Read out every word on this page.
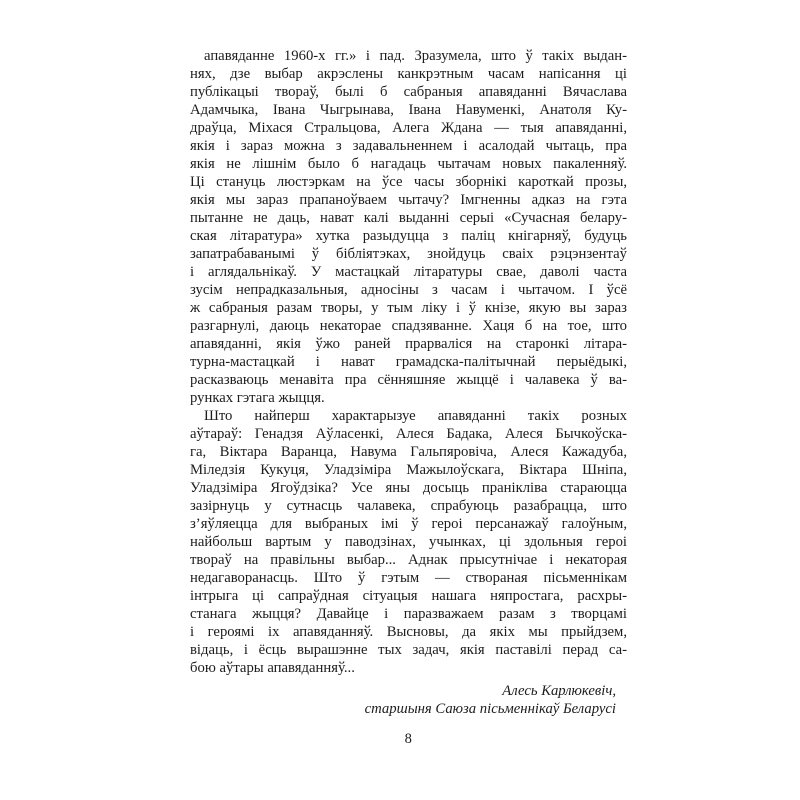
апавяданне 1960-х гг.» і пад. Зразумела, што ў такіх выдан-
нях, дзе выбар акрэслены канкрэтным часам напісання ці
публікацыі твораў, былі б сабраныя апавяданні Вячаслава
Адамчыка, Івана Чыгрынава, Івана Навуменкі, Анатоля Ку-
драўца, Міхася Стральцова, Алега Ждана — тыя апавяданні,
якія і зараз можна з задавальненнем і асалодай чытаць, пра
якія не лішнім было б нагадаць чытачам новых пакаленняў.
Ці стануць люстэркам на ўсе часы зборнікі кароткай прозы,
якія мы зараз прапаноўваем чытачу? Імгненны адказ на гэта
пытанне не даць, нават калі выданні серыі «Сучасная белару-
ская літаратура» хутка разыдуцца з паліц кнігарняў, будуць
запатрабаванымі ў бібліятэках, знойдуць сваіх рэцэнзентаў
і аглядальнікаў. У мастацкай літаратуры свае, даволі часта
зусім непрадказальныя, адносіны з часам і чытачом. І ўсё
ж сабраныя разам творы, у тым ліку і ў кнізе, якую вы зараз
разгарнулі, даюць некаторае спадзяванне. Хаця б на тое, што
апавяданні, якія ўжо раней прарваліся на старонкі літара-
турна-мастацкай і нават грамадска-палітычнай перыёдыкі,
расказваюць менавіта пра сённяшняе жыццё і чалавека ў ва-
рунках гэтага жыцця.
Што найперш характарызуе апавяданні такіх розных
аўтараў: Генадзя Аўласенкі, Алеся Бадака, Алеся Бычкоўска-
га, Віктара Варанца, Навума Гальпяровіча, Алеся Кажадуба,
Міледзія Кукуця, Уладзіміра Мажылоўскага, Віктара Шніпа,
Уладзіміра Ягоўдзіка? Усе яны досыць пранікліва стараюцца
зазірнуць у сутнасць чалавека, спрабуюць разабрацца, што
з’яўляецца для выбраных імі ў героі персанажаў галоўным,
найбольш вартым у паводзінах, учынках, ці здольныя героі
твораў на правільны выбар... Аднак прысутнічае і некаторая
недагаворанасць. Што ў гэтым — створаная пісьменнікам
інтрыга ці сапраўдная сітуацыя нашага няпростага, расхры-
станага жыцця? Давайце і паразважаем разам з творцамі
і героямі іх апавяданняў. Высновы, да якіх мы прыйдзем,
відаць, і ёсць вырашэнне тых задач, якія паставілі перад са-
бою аўтары апавяданняў...
Алесь Карлюкевіч,
старшыня Саюза пісьменнікаў Беларусі
8
